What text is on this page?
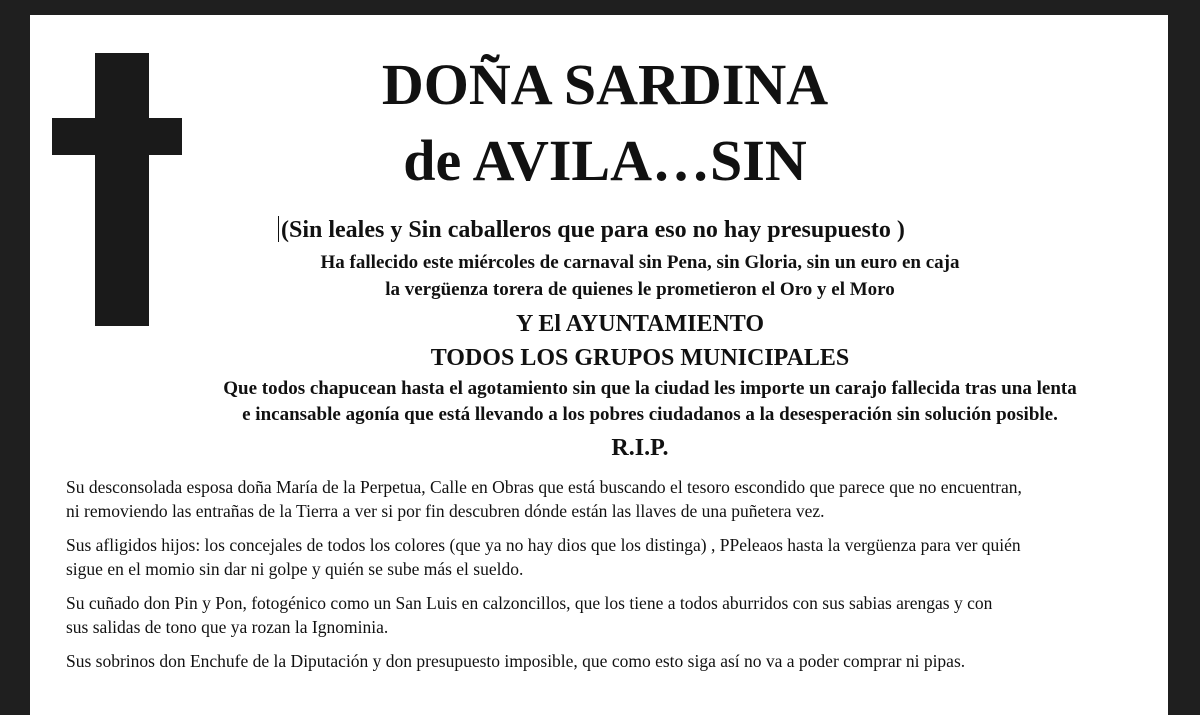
DOÑA SARDINA
de AVILA…SIN
(Sin leales y Sin caballeros que para eso no hay presupuesto )
Ha fallecido este miércoles de carnaval sin Pena, sin Gloria, sin un euro en caja
la vergüenza torera de quienes le prometieron el Oro y el Moro
Y El AYUNTAMIENTO
TODOS LOS GRUPOS MUNICIPALES
Que todos chapucean hasta el agotamiento sin que la ciudad les importe un carajo fallecida tras una lenta
e incansable agonía que está llevando a los pobres ciudadanos a la desesperación sin solución posible.
R.I.P.
Su desconsolada esposa doña María de la Perpetua, Calle en Obras que está buscando el tesoro escondido que parece que no encuentran,
ni removiendo las entrañas de la Tierra a ver si por fin descubren dónde están las llaves de una puñetera vez.
Sus afligidos hijos: los concejales de todos los colores (que ya no hay dios que los distinga) , PPeleaos hasta la vergüenza para ver quién
sigue en el momio sin dar ni golpe y quién se sube más el sueldo.
Su cuñado don Pin y Pon, fotogénico como un San Luis en calzoncillos, que los tiene a todos aburridos con sus sabias arengas y con
sus salidas de tono que ya rozan la Ignominia.
Sus sobrinos don Enchufe de la Diputación y don presupuesto imposible, que como esto siga así no va a poder comprar ni pipas.
